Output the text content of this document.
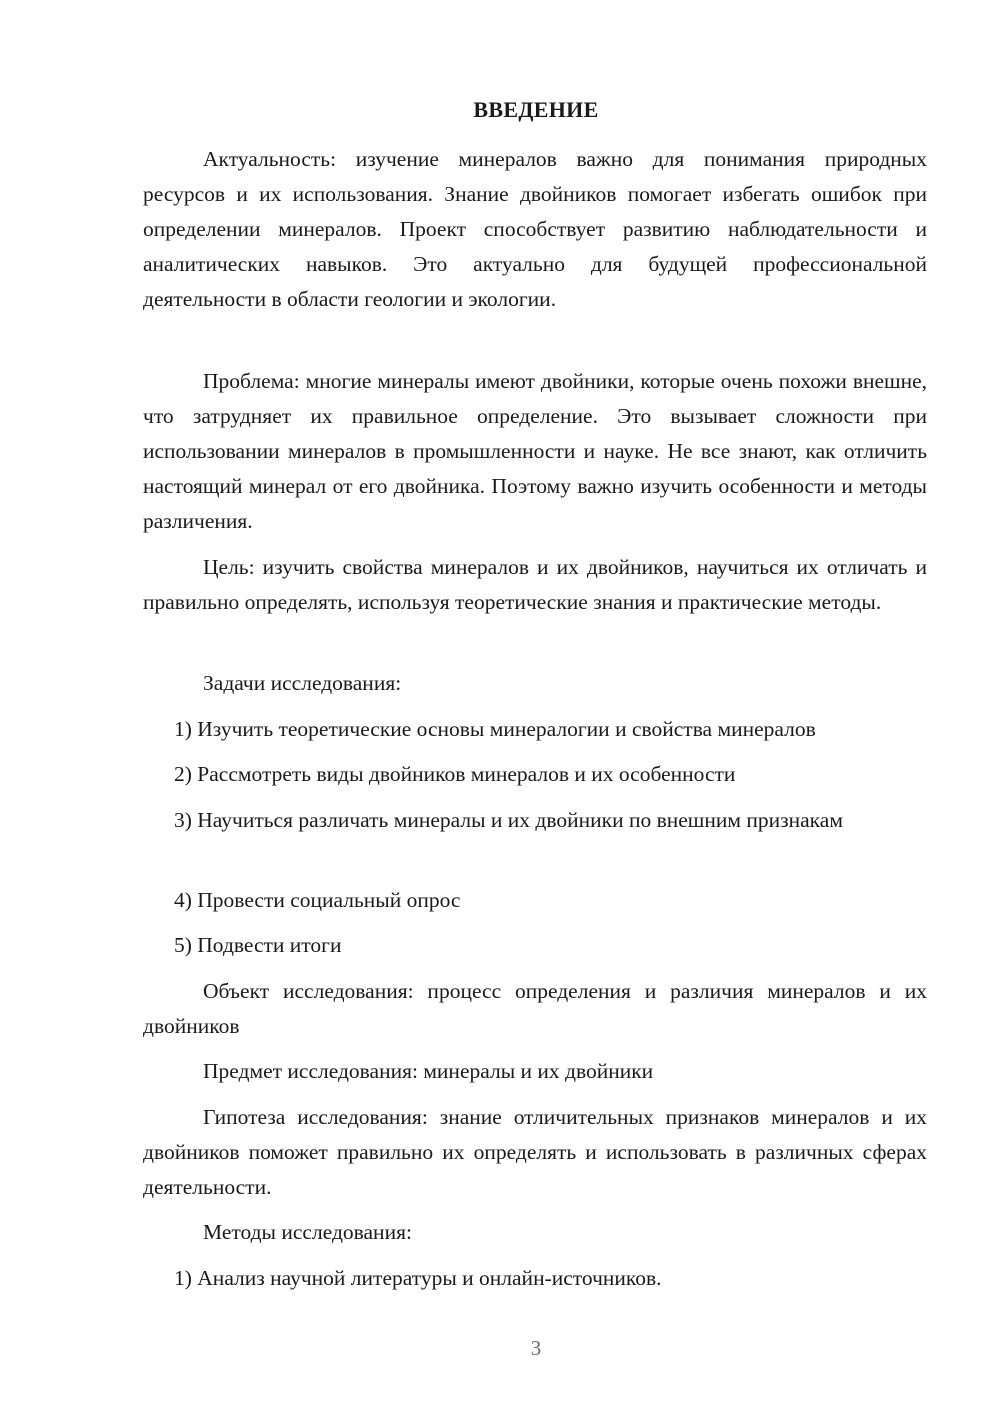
ВВЕДЕНИЕ

Актуальность: изучение минералов важно для понимания природных ресурсов и их использования. Знание двойников помогает избегать ошибок при определении минералов. Проект способствует развитию наблюдательности и аналитических навыков. Это актуально для будущей профессиональной деятельности в области геологии и экологии.

Проблема: многие минералы имеют двойники, которые очень похожи внешне, что затрудняет их правильное определение. Это вызывает сложности при использовании минералов в промышленности и науке. Не все знают, как отличить настоящий минерал от его двойника. Поэтому важно изучить особенности и методы различения.

Цель: изучить свойства минералов и их двойников, научиться их отличать и правильно определять, используя теоретические знания и практические методы.

Задачи исследования:

1) Изучить теоретические основы минералогии и свойства минералов

2) Рассмотреть виды двойников минералов и их особенности

3) Научиться различать минералы и их двойники по внешним признакам

4) Провести социальный опрос

5) Подвести итоги

Объект исследования: процесс определения и различия минералов и их двойников

Предмет исследования: минералы и их двойники

Гипотеза исследования: знание отличительных признаков минералов и их двойников поможет правильно их определять и использовать в различных сферах деятельности.

Методы исследования:

1) Анализ научной литературы и онлайн-источников.

3
